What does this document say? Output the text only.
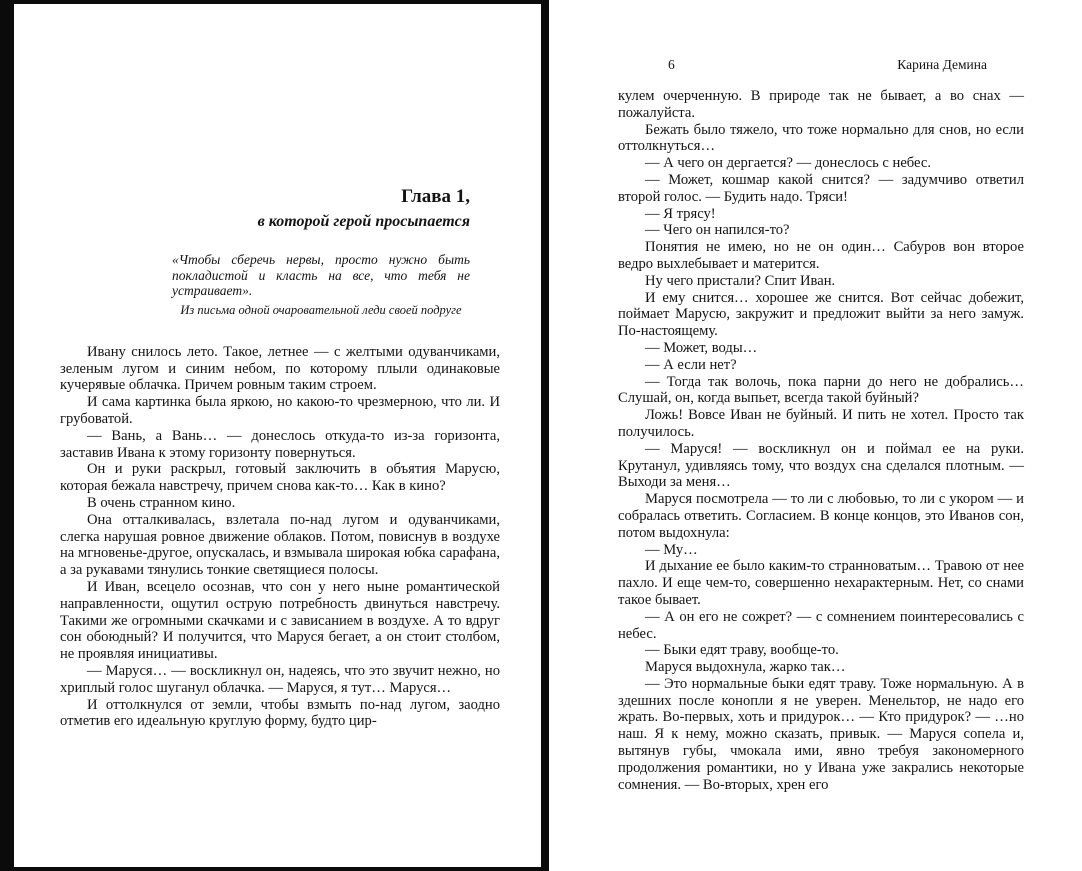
Глава 1,
в которой герой просыпается
«Чтобы сберечь нервы, просто нужно быть покладистой и класть на все, что тебя не устраивает».
Из письма одной очаровательной леди своей подруге

Ивану снилось лето. Такое, летнее — с желтыми одуванчиками, зеленым лугом и синим небом, по которому плыли одинаковые кучерявые облачка. Причем ровным таким строем.

И сама картинка была яркою, но какою-то чрезмерною, что ли. И грубоватой.

— Вань, а Вань… — донеслось откуда-то из-за горизонта, заставив Ивана к этому горизонту повернуться.

Он и руки раскрыл, готовый заключить в объятия Марусю, которая бежала навстречу, причем снова как-то… Как в кино?

В очень странном кино.

Она отталкивалась, взлетала по-над лугом и одуванчиками, слегка нарушая ровное движение облаков. Потом, повиснув в воздухе на мгновенье-другое, опускалась, и взмывала широкая юбка сарафана, а за рукавами тянулись тонкие светящиеся полосы.

И Иван, всецело осознав, что сон у него ныне романтической направленности, ощутил острую потребность двинуться навстречу. Такими же огромными скачками и с зависанием в воздухе. А то вдруг сон обоюдный? И получится, что Маруся бегает, а он стоит столбом, не проявляя инициативы.

— Маруся… — воскликнул он, надеясь, что это звучит нежно, но хриплый голос шуганул облачка. — Маруся, я тут… Маруся…

И оттолкнулся от земли, чтобы взмыть по-над лугом, заодно отметив его идеальную круглую форму, будто цир-

6	Карина Демина

кулем очерченную. В природе так не бывает, а во снах — пожалуйста.

Бежать было тяжело, что тоже нормально для снов, но если оттолкнуться…

— А чего он дергается? — донеслось с небес.

— Может, кошмар какой снится? — задумчиво ответил второй голос. — Будить надо. Тряси!

— Я трясу!

— Чего он напился-то?

Понятия не имею, но не он один… Сабуров вон второе ведро выхлебывает и матерится.

Ну чего пристали? Спит Иван.

И ему снится… хорошее же снится. Вот сейчас добежит, поймает Марусю, закружит и предложит выйти за него замуж. По-настоящему.

— Может, воды…

— А если нет?

— Тогда так волочь, пока парни до него не добрались… Слушай, он, когда выпьет, всегда такой буйный?

Ложь! Вовсе Иван не буйный. И пить не хотел. Просто так получилось.

— Маруся! — воскликнул он и поймал ее на руки. Крутанул, удивляясь тому, что воздух сна сделался плотным. — Выходи за меня…

Маруся посмотрела — то ли с любовью, то ли с укором — и собралась ответить. Согласием. В конце концов, это Иванов сон, потом выдохнула:

— Му…

И дыхание ее было каким-то странноватым… Травою от нее пахло. И еще чем-то, совершенно нехарактерным. Нет, со снами такое бывает.

— А он его не сожрет? — с сомнением поинтересовались с небес.

— Быки едят траву, вообще-то.

Маруся выдохнула, жарко так…

— Это нормальные быки едят траву. Тоже нормальную. А в здешних после конопли я не уверен. Менельтор, не надо его жрать. Во-первых, хоть и придурок… — Кто придурок? — …но наш. Я к нему, можно сказать, привык. — Маруся сопела и, вытянув губы, чмокала ими, явно требуя закономерного продолжения романтики, но у Ивана уже закрались некоторые сомнения. — Во-вторых, хрен его
